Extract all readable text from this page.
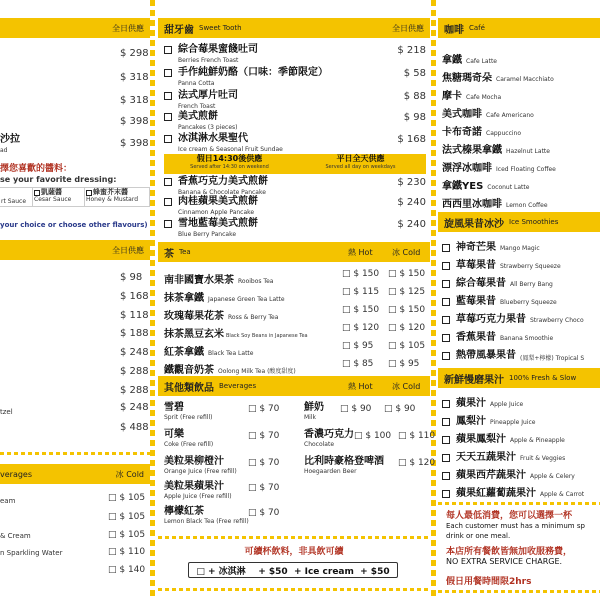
全日供應
$ 298
$ 318
$ 318
$ 398
沙拉
ad
$ 398
擇您喜歡的醬料：
se your favorite dressing:
rt Sauce
凱薩醬
Cesar Sauce
蜂蜜芥末醬
Honey & Mustard
your choice or choose other flavours)
全日供應
$ 98
$ 168
$ 118
$ 188
$ 248
$ 288
$ 288
tzel	$ 248
$ 488
verages	冰 Cold
eam	□ $ 105
□ $ 105
& Cream	□ $ 105
n Sparkling Water	□ $ 110
□ $ 140
甜牙齒 Sweet Tooth	全日供應
綜合莓果蜜餞吐司
Berries French Toast
$ 218
手作純鮮奶酪（口味：季節限定）
Panna Cotta
$ 58
法式厚片吐司
French Toast
$ 88
美式煎餅
Pancakes (3 pieces)
$ 98
冰淇淋水果聖代
Ice cream & Seasonal Fruit Sundae
$ 168
假日14:30後供應
Served after 14:30 on weekend
平日全天供應
Served all day on weekdays
香蕉巧克力美式煎餅
Banana & Chocolate Pancake
$ 230
肉桂蘋果美式煎餅
Cinnamon Apple Pancake
$ 240
雪地藍莓美式煎餅
Blue Berry Pancake
$ 240
茶 Tea	熱 Hot 冰 Cold
南非國寶水果茶 Rooibos Tea
□ $ 150 □ $ 150
抹茶拿鐵 Japanese Green Tea Latte
□ $ 115 □ $ 125
玫瑰莓果花茶 Ross & Berry Tea
□ $ 150 □ $ 150
抹茶黑豆玄米 Black Soy Beans in Japanese Tea
□ $ 120 □ $ 120
紅茶拿鐵 Black Tea Latte
□ $ 95 □ $ 105
鐵觀音奶茶 Oolong Milk Tea (酸度甜度)
□ $ 85 □ $ 95
其他類飲品 Beverages	熱 Hot 冰 Cold
雪碧
Sprit (Free refill)
□ $ 70
可樂
Coke (Free refill)
□ $ 70
美粒果柳橙汁
Orange Juice (Free refill)
□ $ 70
美粒果蘋果汁
Apple Juice (Free refill)
□ $ 70
檸檬紅茶
Lemon Black Tea (Free refill)
□ $ 70
鮮奶
Milk
□ $ 90 □ $ 90
香濃巧克力
Chocolate
□ $ 100 □ $ 110
比利時豪格登啤酒
Hoegaarden Beer
□ $ 120
可續杯飲料，非具飲可續
□ + 冰淇淋    + $50  + Ice cream  + $50
咖啡 Café
拿鐵 Cafe Latte
焦糖瑪奇朵 Caramel Macchiato
摩卡 Cafe Mocha
美式咖啡 Cafe Americano
卡布奇諾 Cappuccino
法式榛果拿鐵 Hazelnut Latte
漂浮冰咖啡 Iced Floating Coffee
拿鐵YES Coconut Latte
西西里冰咖啡 Lemon Coffee
旋風果昔冰沙 Ice Smoothies
神奇芒果 Mango Magic
草莓果昔 Strawberry Squeeze
綜合莓果昔 All Berry Bang
藍莓果昔 Blueberry Squeeze
草莓巧克力果昔 Strawberry Choco
香蕉果昔 Banana Smoothie
熱帶風暴果昔 (鳳梨+檸檬) Tropical S
新鮮慢磨果汁 100% Fresh & Slow
蘋果汁 Apple Juice
鳳梨汁 Pineapple Juice
蘋果鳳梨汁 Apple & Pineapple
天天五蔬果汁 Fruit & Veggies
蘋果西芹蔬果汁 Apple & Celery
蘋果紅蘿蔔蔬果汁 Apple & Carrot
每人最低消費，您可以選擇一杯
Each customer must has a minimum sp
drink or one meal.
本店所有餐飲皆無加收服務費，
NO EXTRA SERVICE CHARGE.
假日用餐時間限2hrs
